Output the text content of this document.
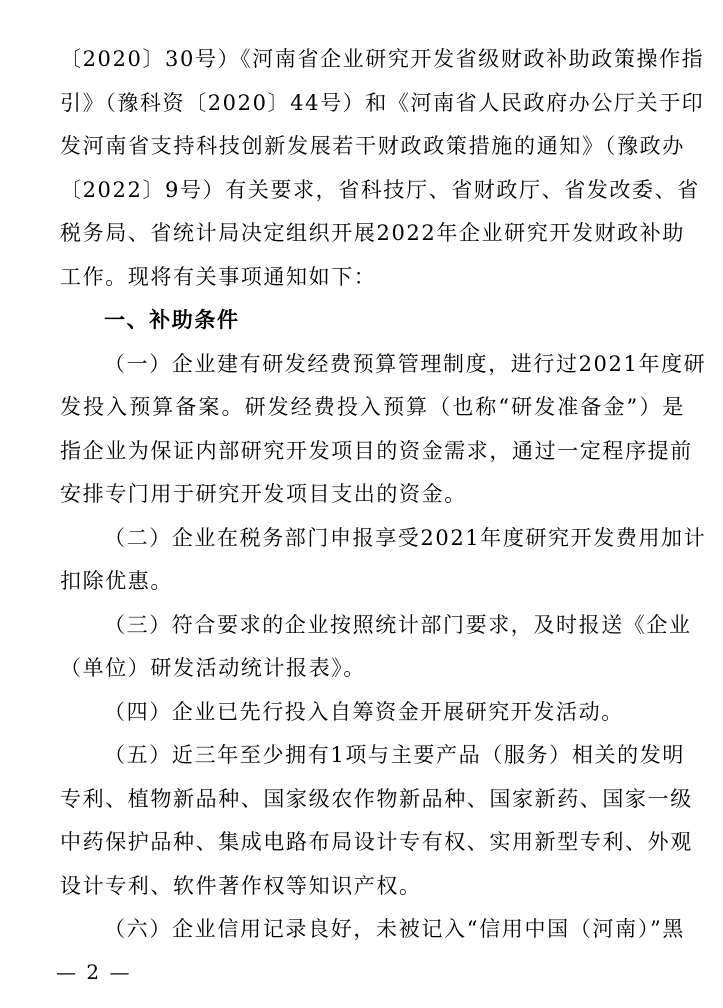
〔2020〕30号）《河南省企业研究开发省级财政补助政策操作指
引》（豫科资〔2020〕44号）和《河南省人民政府办公厅关于印
发河南省支持科技创新发展若干财政政策措施的通知》（豫政办
〔2022〕9号）有关要求，省科技厅、省财政厅、省发改委、省
税务局、省统计局决定组织开展2022年企业研究开发财政补助
工作。现将有关事项通知如下：
一、补助条件
（一）企业建有研发经费预算管理制度，进行过2021年度研
发投入预算备案。研发经费投入预算（也称“研发准备金”）是
指企业为保证内部研究开发项目的资金需求，通过一定程序提前
安排专门用于研究开发项目支出的资金。
（二）企业在税务部门申报享受2021年度研究开发费用加计
扣除优惠。
（三）符合要求的企业按照统计部门要求，及时报送《企业
（单位）研发活动统计报表》。
（四）企业已先行投入自筹资金开展研究开发活动。
（五）近三年至少拥有1项与主要产品（服务）相关的发明
专利、植物新品种、国家级农作物新品种、国家新药、国家一级
中药保护品种、集成电路布局设计专有权、实用新型专利、外观
设计专利、软件著作权等知识产权。
（六）企业信用记录良好，未被记入“信用中国（河南）”黑
— 2 —
